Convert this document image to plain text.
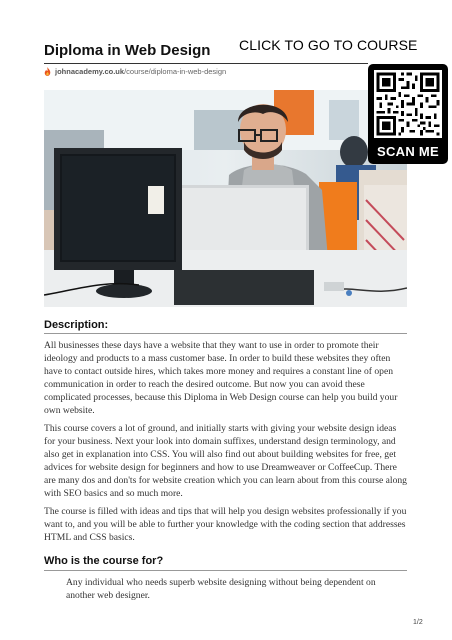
Diploma in Web Design CLICK TO GO TO COURSE
johnacademy.co.uk /course/diploma-in-web-design
SCAN ME
Description:

All businesses these days have a website that they want to use in order to promote their ideology and products to a mass customer base. In order to build these websites they often have to contact outside hires, which takes more money and requires a constant line of open communication in order to reach the desired outcome. But now you can avoid these complicated processes, because this Diploma in Web Design course can help you build your own website.

This course covers a lot of ground, and initially starts with giving your website design ideas for your business. Next your look into domain suffixes, understand design terminology, and also get in explanation into CSS. You will also find out about building websites for free, get advices for website design for beginners and how to use Dreamweaver or CoffeeCup. There are many dos and don'ts for website creation which you can learn about from this course along with SEO basics and so much more.

The course is filled with ideas and tips that will help you design websites professionally if you want to, and you will be able to further your knowledge with the coding section that addresses HTML and CSS basics.

Who is the course for?

Any individual who needs superb website designing without being dependent on another web designer.

1/2
